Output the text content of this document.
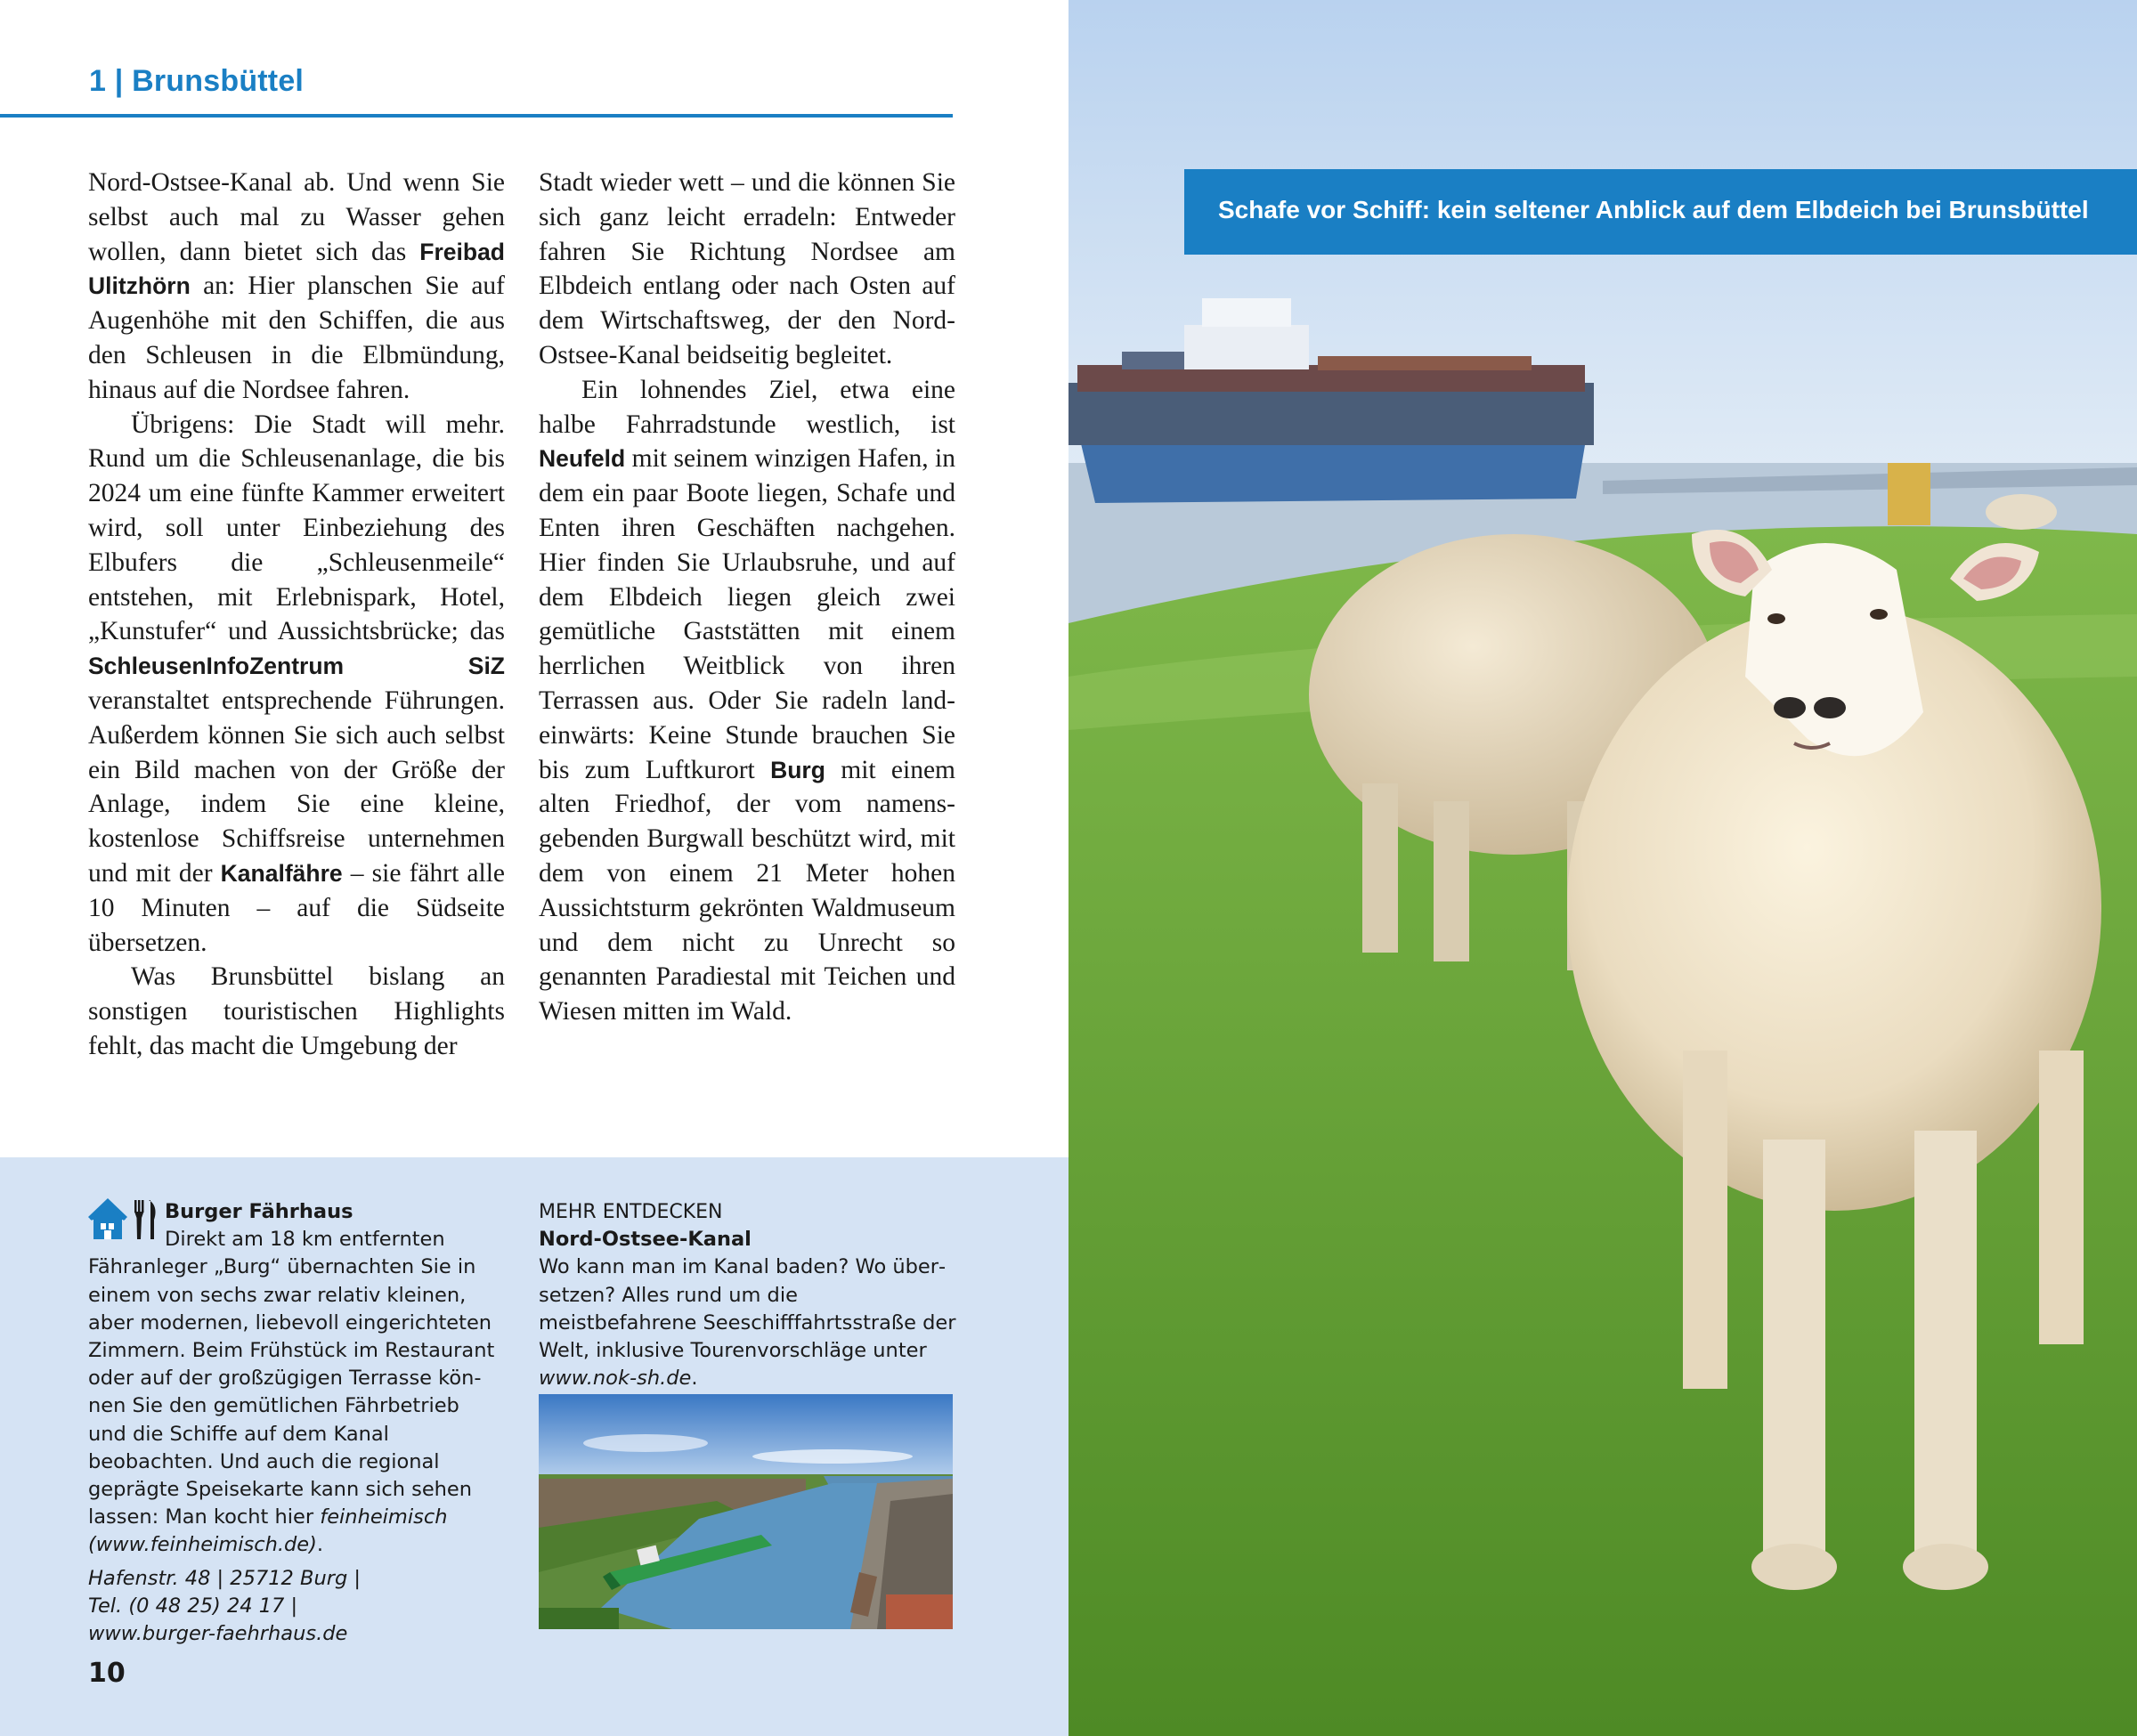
1 | Brunsbüttel

Nord-Ostsee-Kanal ab. Und wenn Sie selbst auch mal zu Wasser gehen wollen, dann bietet sich das Freibad Ulitzhörn an: Hier planschen Sie auf Augenhöhe mit den Schiffen, die aus den Schleusen in die Elbmündung, hinaus auf die Nordsee fahren.

Übrigens: Die Stadt will mehr. Rund um die Schleusenanlage, die bis 2024 um eine fünfte Kammer erweitert wird, soll unter Einbeziehung des Elbufers die „Schleusenmeile“ entstehen, mit Erlebnispark, Hotel, „Kunstufer“ und Aussichtsbrücke; das SchleusenInfoZentrum SiZ veranstaltet entsprechende Führungen. Außerdem können Sie sich auch selbst ein Bild machen von der Größe der Anlage, indem Sie eine kleine, kostenlose Schiffsreise unternehmen und mit der Kanalfähre – sie fährt alle 10 Minuten – auf die Südseite übersetzen.

Was Brunsbüttel bislang an sonstigen touristischen Highlights fehlt, das macht die Umgebung der

Stadt wieder wett – und die können Sie sich ganz leicht erradeln: Entweder fahren Sie Richtung Nordsee am Elbdeich entlang oder nach Osten auf dem Wirtschaftsweg, der den Nord-Ostsee-Kanal beidseitig begleitet.

Ein lohnendes Ziel, etwa eine halbe Fahrradstunde westlich, ist Neufeld mit seinem winzigen Hafen, in dem ein paar Boote liegen, Schafe und Enten ihren Geschäften nachgehen. Hier finden Sie Urlaubsruhe, und auf dem Elbdeich liegen gleich zwei gemütliche Gaststätten mit einem herrlichen Weitblick von ihren Terrassen aus. Oder Sie radeln landeinwärts: Keine Stunde brauchen Sie bis zum Luftkurort Burg mit einem alten Friedhof, der vom namensgebenden Burgwall beschützt wird, mit dem von einem 21 Meter hohen Aussichtsturm gekrönten Waldmuseum und dem nicht zu Unrecht so genannten Paradiestal mit Teichen und Wiesen mitten im Wald.

Burger Fährhaus
Direkt am 18 km entfernten Fähranleger „Burg“ übernachten Sie in einem von sechs zwar relativ kleinen, aber modernen, liebevoll eingerichteten Zimmern. Beim Frühstück im Restaurant oder auf der großzügigen Terrasse können Sie den gemütlichen Fährbetrieb und die Schiffe auf dem Kanal beobachten. Und auch die regional geprägte Speisekarte kann sich sehen lassen: Man kocht hier feinheimisch (www.feinheimisch.de).
Hafenstr. 48 | 25712 Burg |
Tel. (0 48 25) 24 17 |
www.burger-faehrhaus.de
MEHR ENTDECKEN
Nord-Ostsee-Kanal
Wo kann man im Kanal baden? Wo übersetzen? Alles rund um die meistbefahrene Seeschifffahrtsstraße der Welt, inklusive Tourenvorschläge unter www.nok-sh.de.
10
Schafe vor Schiff: kein seltener Anblick auf dem Elbdeich bei Brunsbüttel
